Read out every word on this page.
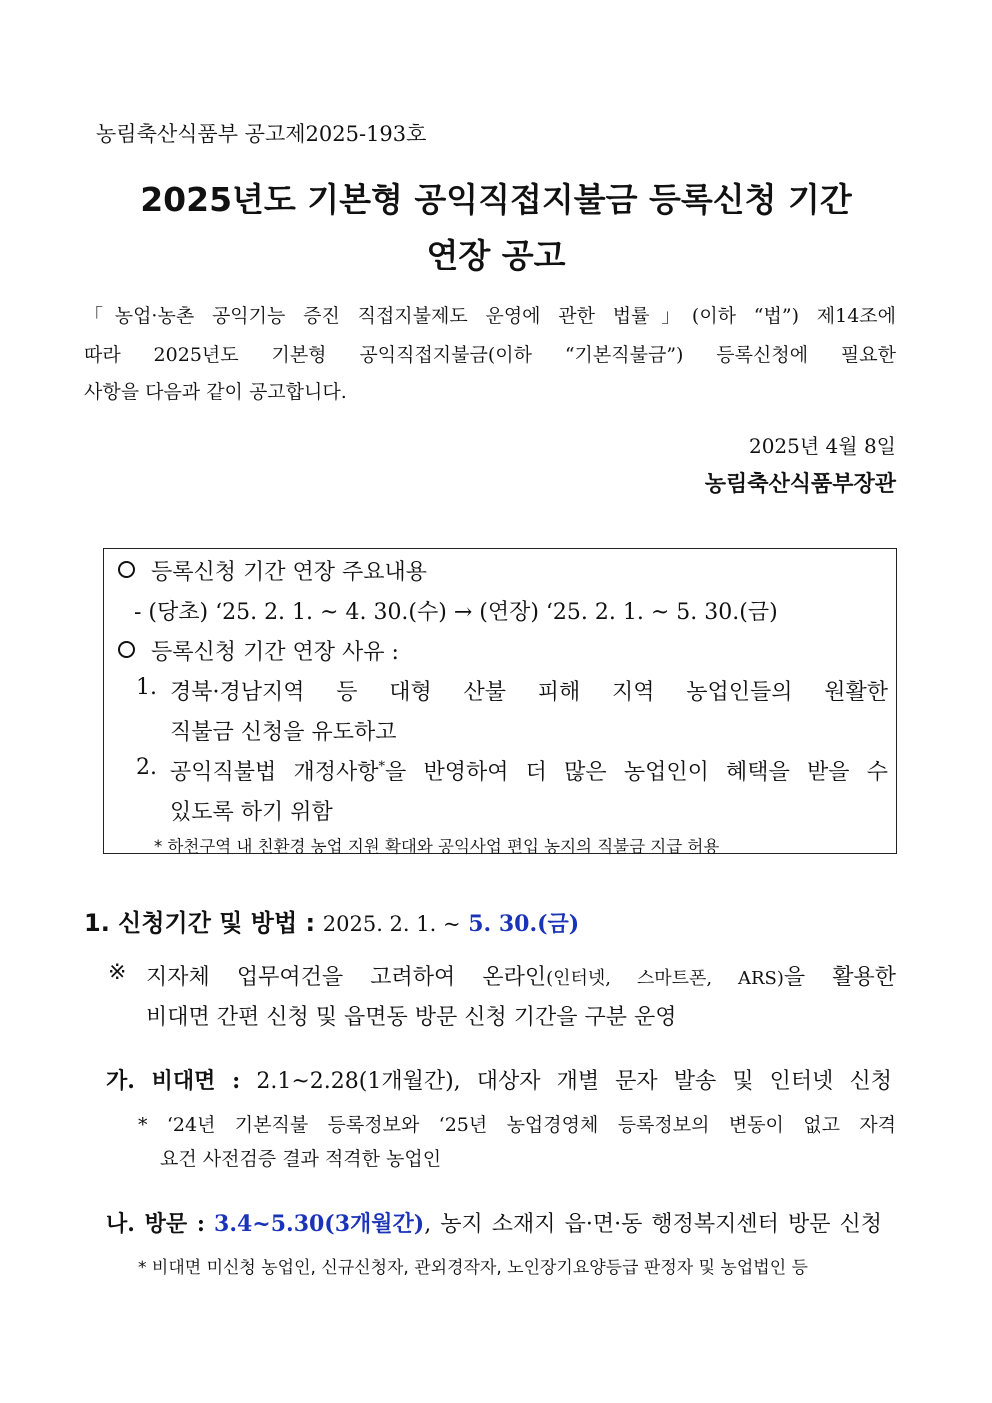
농림축산식품부 공고제2025-193호
2025년도 기본형 공익직접지불금 등록신청 기간
연장 공고
「농업·농촌 공익기능 증진 직접지불제도 운영에 관한 법률」(이하 “법”) 제14조에
따라 2025년도 기본형 공익직접지불금(이하 “기본직불금”) 등록신청에 필요한
사항을 다음과 같이 공고합니다.
2025년 4월 8일
농림축산식품부장관
등록신청 기간 연장 주요내용
- (당초) ‘25. 2. 1. ~ 4. 30.(수) → (연장) ‘25. 2. 1. ~ 5. 30.(금)
등록신청 기간 연장 사유 :
1. 경북·경남지역 등 대형 산불 피해 지역 농업인들의 원활한
직불금 신청을 유도하고
2. 공익직불법 개정사항*을 반영하여 더 많은 농업인이 혜택을 받을 수
있도록 하기 위함
* 하천구역 내 친환경 농업 지원 확대와 공익사업 편입 농지의 직불금 지급 허용
1. 신청기간 및 방법 : 2025. 2. 1. ~ 5. 30.(금)
※ 지자체 업무여건을 고려하여 온라인(인터넷, 스마트폰, ARS)을 활용한
비대면 간편 신청 및 읍면동 방문 신청 기간을 구분 운영
가. 비대면 : 2.1~2.28(1개월간), 대상자 개별 문자 발송 및 인터넷 신청
* ‘24년 기본직불 등록정보와 ‘25년 농업경영체 등록정보의 변동이 없고 자격
요건 사전검증 결과 적격한 농업인
나. 방문 : 3.4~5.30(3개월간), 농지 소재지 읍·면·동 행정복지센터 방문 신청
* 비대면 미신청 농업인, 신규신청자, 관외경작자, 노인장기요양등급 판정자 및 농업법인 등
